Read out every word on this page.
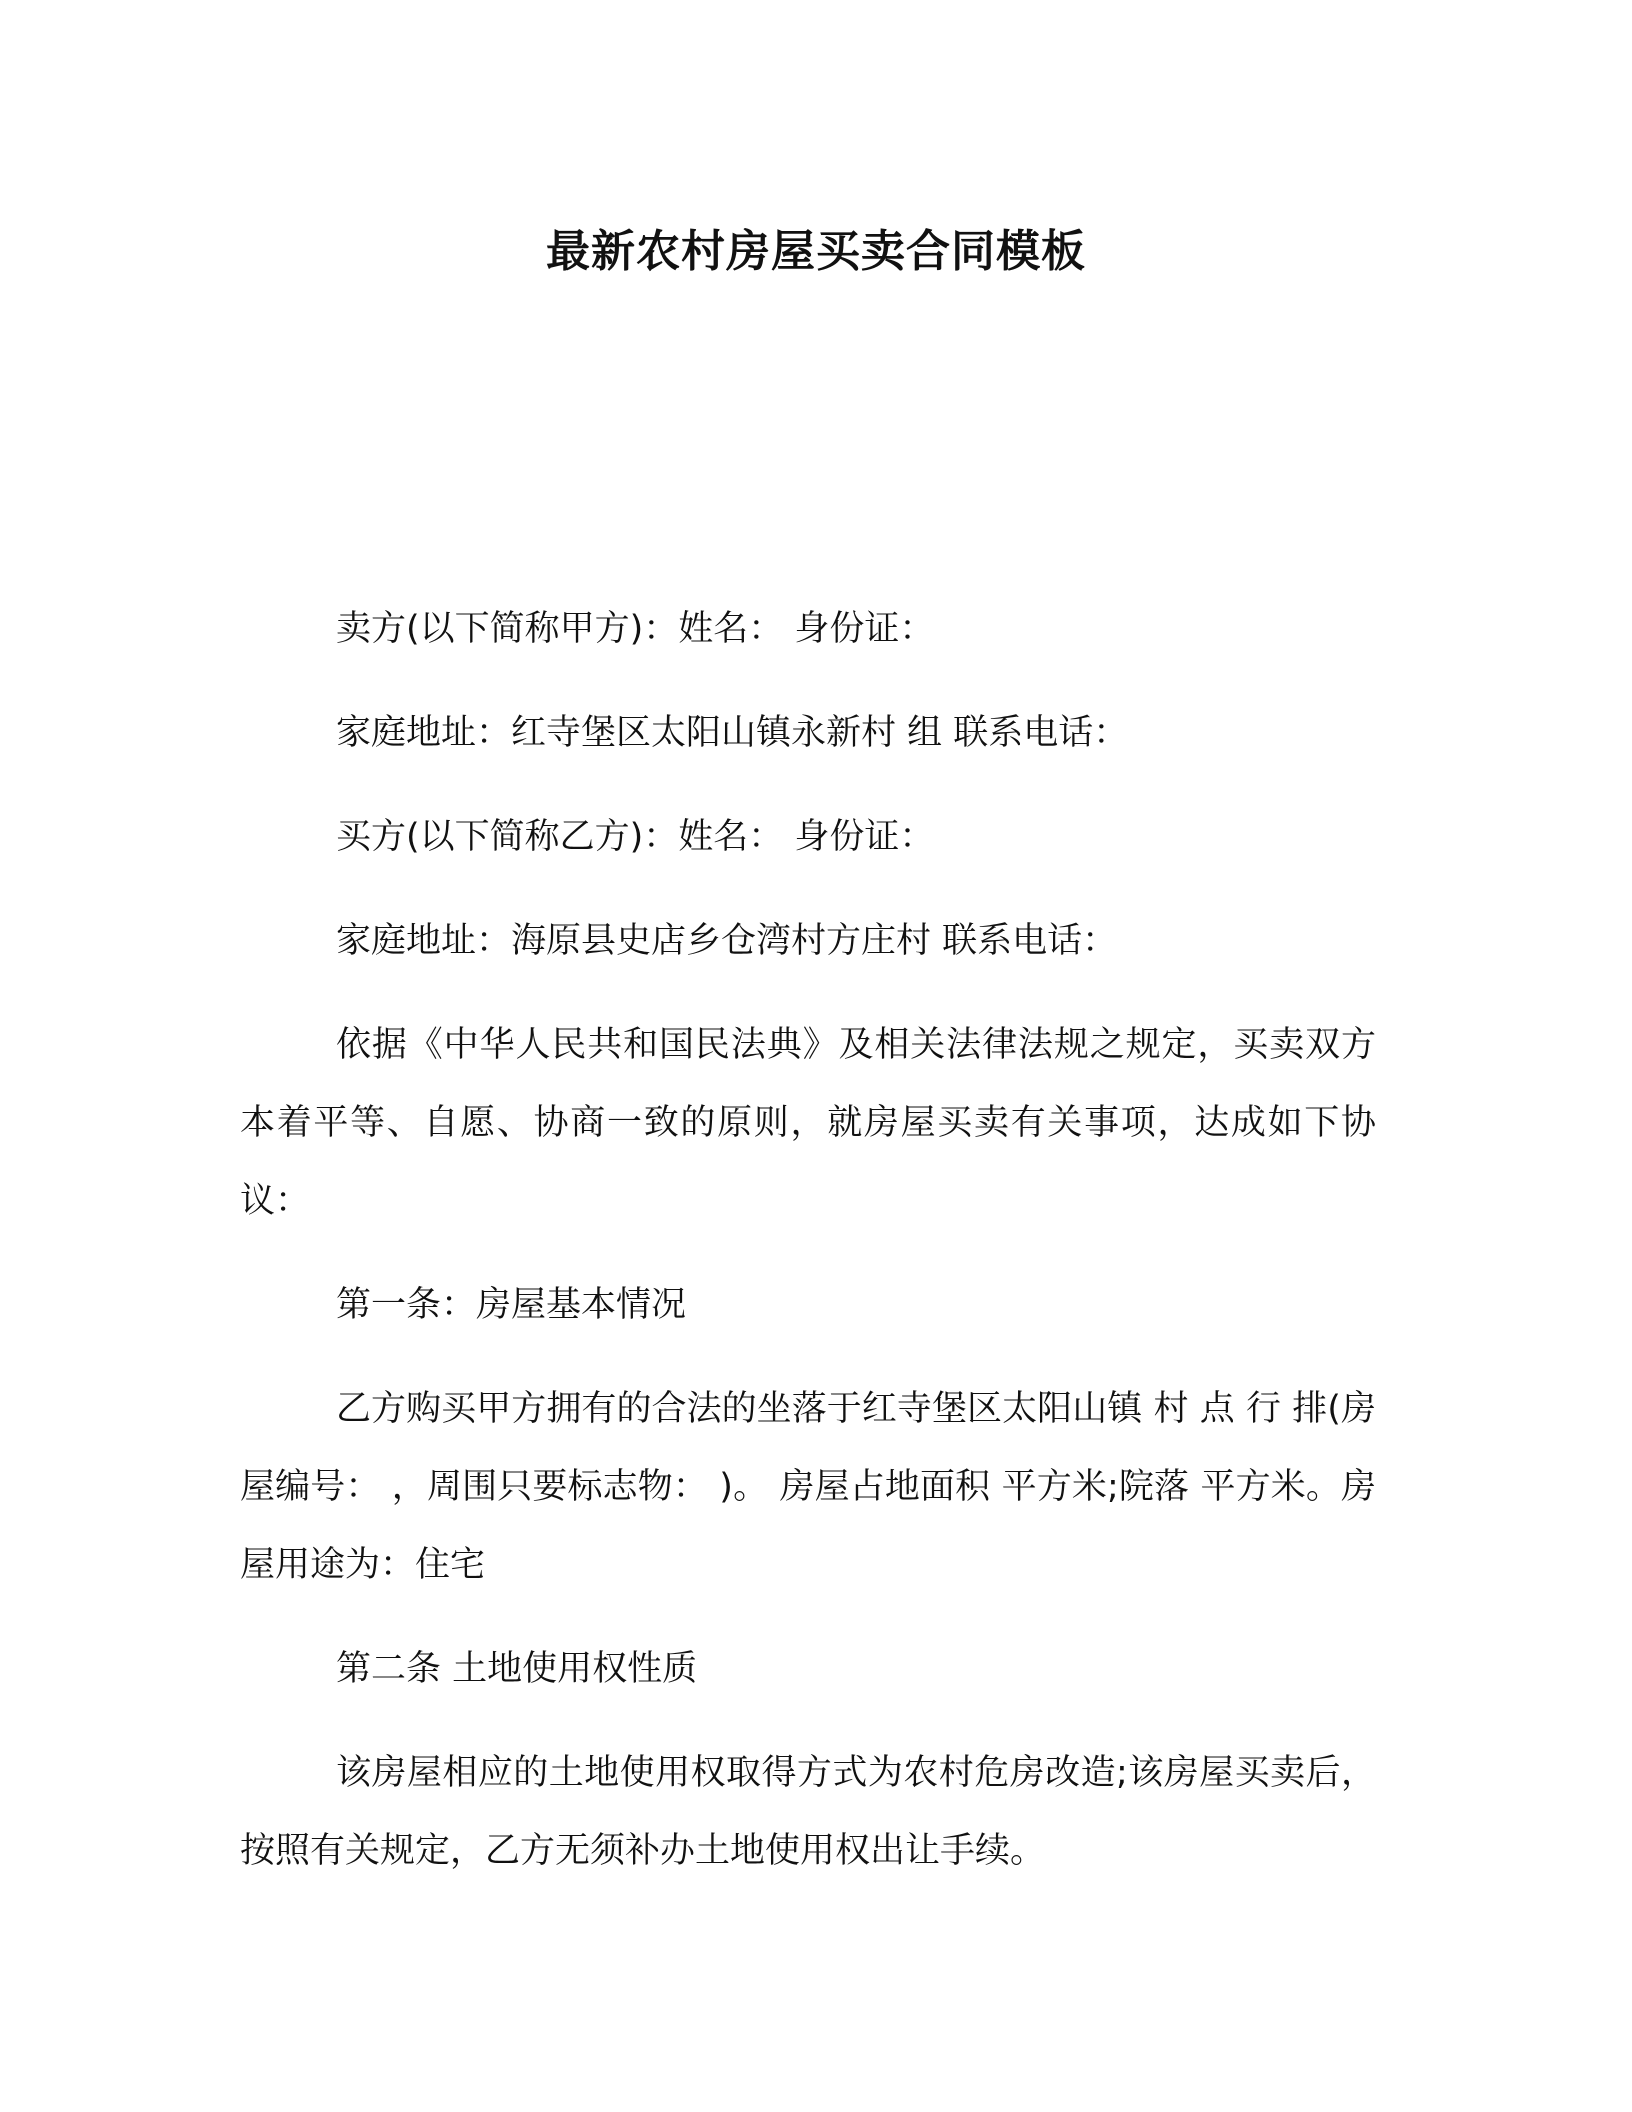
最新农村房屋买卖合同模板

卖方(以下简称甲方)：姓名： 身份证：

家庭地址：红寺堡区太阳山镇永新村 组 联系电话：

买方(以下简称乙方)：姓名： 身份证：

家庭地址：海原县史店乡仓湾村方庄村 联系电话：

依据《中华人民共和国民法典》及相关法律法规之规定，买卖双方本着平等、自愿、协商一致的原则，就房屋买卖有关事项，达成如下协议：

第一条：房屋基本情况

乙方购买甲方拥有的合法的坐落于红寺堡区太阳山镇 村 点 行 排(房屋编号： ，周围只要标志物： )。 房屋占地面积 平方米;院落 平方米。房屋用途为：住宅

第二条 土地使用权性质

该房屋相应的土地使用权取得方式为农村危房改造;该房屋买卖后，按照有关规定，乙方无须补办土地使用权出让手续。
